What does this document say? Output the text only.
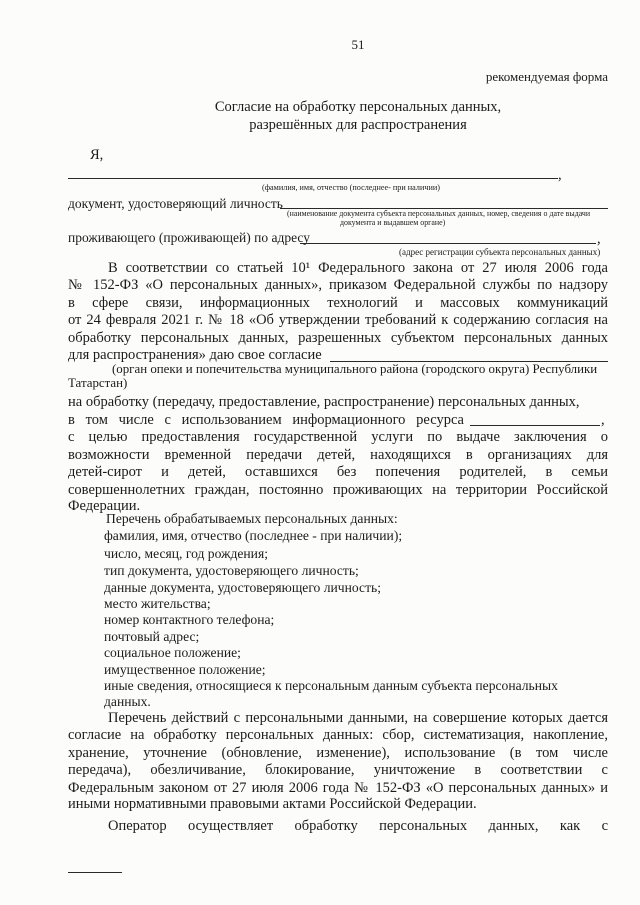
51
рекомендуемая форма
Согласие на обработку персональных данных,
разрешённых для распространения
Я,
,
(фамилия, имя, отчество (последнее- при наличии)
документ, удостоверяющий личность
(наименование документа субъекта персональных данных, номер, сведения о дате выдачи
документа и выдавшем органе)
проживающего (проживающей) по адресу	,
(адрес регистрации субъекта персональных данных)
В соответствии со статьей 10¹ Федерального закона от 27 июля 2006 года
№ 152-ФЗ «О персональных данных», приказом Федеральной службы по надзору
в сфере связи, информационных технологий и массовых коммуникаций
от 24 февраля 2021 г. № 18 «Об утверждении требований к содержанию согласия на
обработку персональных данных, разрешенных субъектом персональных данных
для распространения» даю свое согласие
(орган опеки и попечительства муниципального района (городского округа) Республики
Татарстан)
на обработку (передачу, предоставление, распространение) персональных данных,
в том числе с использованием информационного ресурса	,
с целью предоставления государственной услуги по выдаче заключения о
возможности временной передачи детей, находящихся в организациях для
детей-сирот и детей, оставшихся без попечения родителей, в семьи
совершеннолетних граждан, постоянно проживающих на территории Российской
Федерации.
Перечень обрабатываемых персональных данных:
фамилия, имя, отчество (последнее - при наличии);
число, месяц, год рождения;
тип документа, удостоверяющего личность;
данные документа, удостоверяющего личность;
место жительства;
номер контактного телефона;
почтовый адрес;
социальное положение;
имущественное положение;
иные сведения, относящиеся к персональным данным субъекта персональных
данных.
Перечень действий с персональными данными, на совершение которых дается
согласие на обработку персональных данных: сбор, систематизация, накопление,
хранение, уточнение (обновление, изменение), использование (в том числе
передача), обезличивание, блокирование, уничтожение в соответствии с
Федеральным законом от 27 июля 2006 года № 152-ФЗ «О персональных данных» и
иными нормативными правовыми актами Российской Федерации.
Оператор осуществляет обработку персональных данных, как с
